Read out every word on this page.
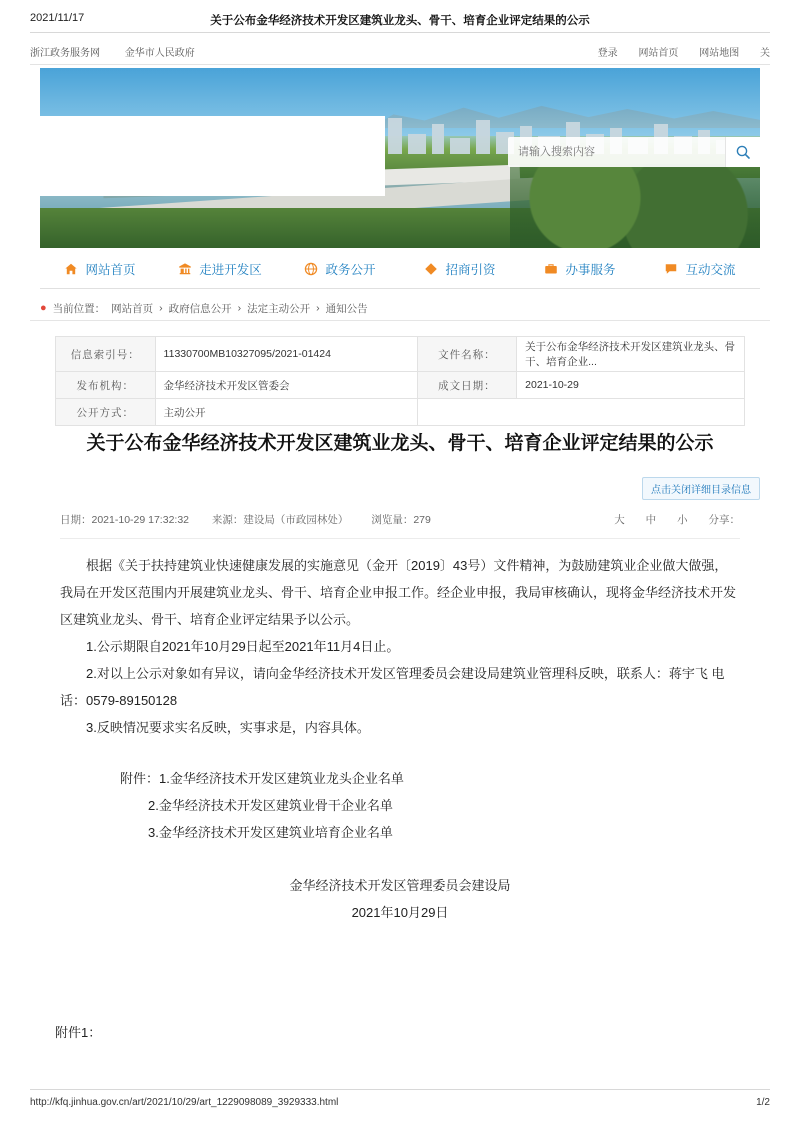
2021/11/17	关于公布金华经济技术开发区建筑业龙头、骨干、培育企业评定结果的公示
浙江政务服务网 金华市人民政府	登录 网站首页 网站地图 关
请输入搜索内容
网站首页	走进开发区	政务公开	招商引资	办事服务	互动交流
● 当前位置： 网站首页 › 政府信息公开 › 法定主动公开 › 通知公告
信息索引号：	11330700MB10327095/2021-01424	文件名称：	关于公布金华经济技术开发区建筑业龙头、骨干、培育企业...
发布机构：	金华经济技术开发区管委会	成文日期：	2021-10-29
公开方式：	主动公开		
关于公布金华经济技术开发区建筑业龙头、骨干、培育企业评定结果的公示
点击关闭详细目录信息
日期：2021-10-29 17:32:32 来源：建设局（市政园林处） 浏览量：279	大 中 小 分享：

根据《关于扶持建筑业快速健康发展的实施意见（金开〔2019〕43号）文件精神，为鼓励建筑业企业做大做强，我局在开发区范围内开展建筑业龙头、骨干、培育企业申报工作。经企业申报，我局审核确认，现将金华经济技术开发区建筑业龙头、骨干、培育企业评定结果予以公示。

1.公示期限自2021年10月29日起至2021年11月4日止。

2.对以上公示对象如有异议，请向金华经济技术开发区管理委员会建设局建筑业管理科反映，联系人：蒋宇飞 电话：0579-89150128

3.反映情况要求实名反映，实事求是，内容具体。

附件：1.金华经济技术开发区建筑业龙头企业名单

2.金华经济技术开发区建筑业骨干企业名单

3.金华经济技术开发区建筑业培育企业名单

金华经济技术开发区管理委员会建设局

2021年10月29日

附件1：
http://kfq.jinhua.gov.cn/art/2021/10/29/art_1229098089_3929333.html	1/2
